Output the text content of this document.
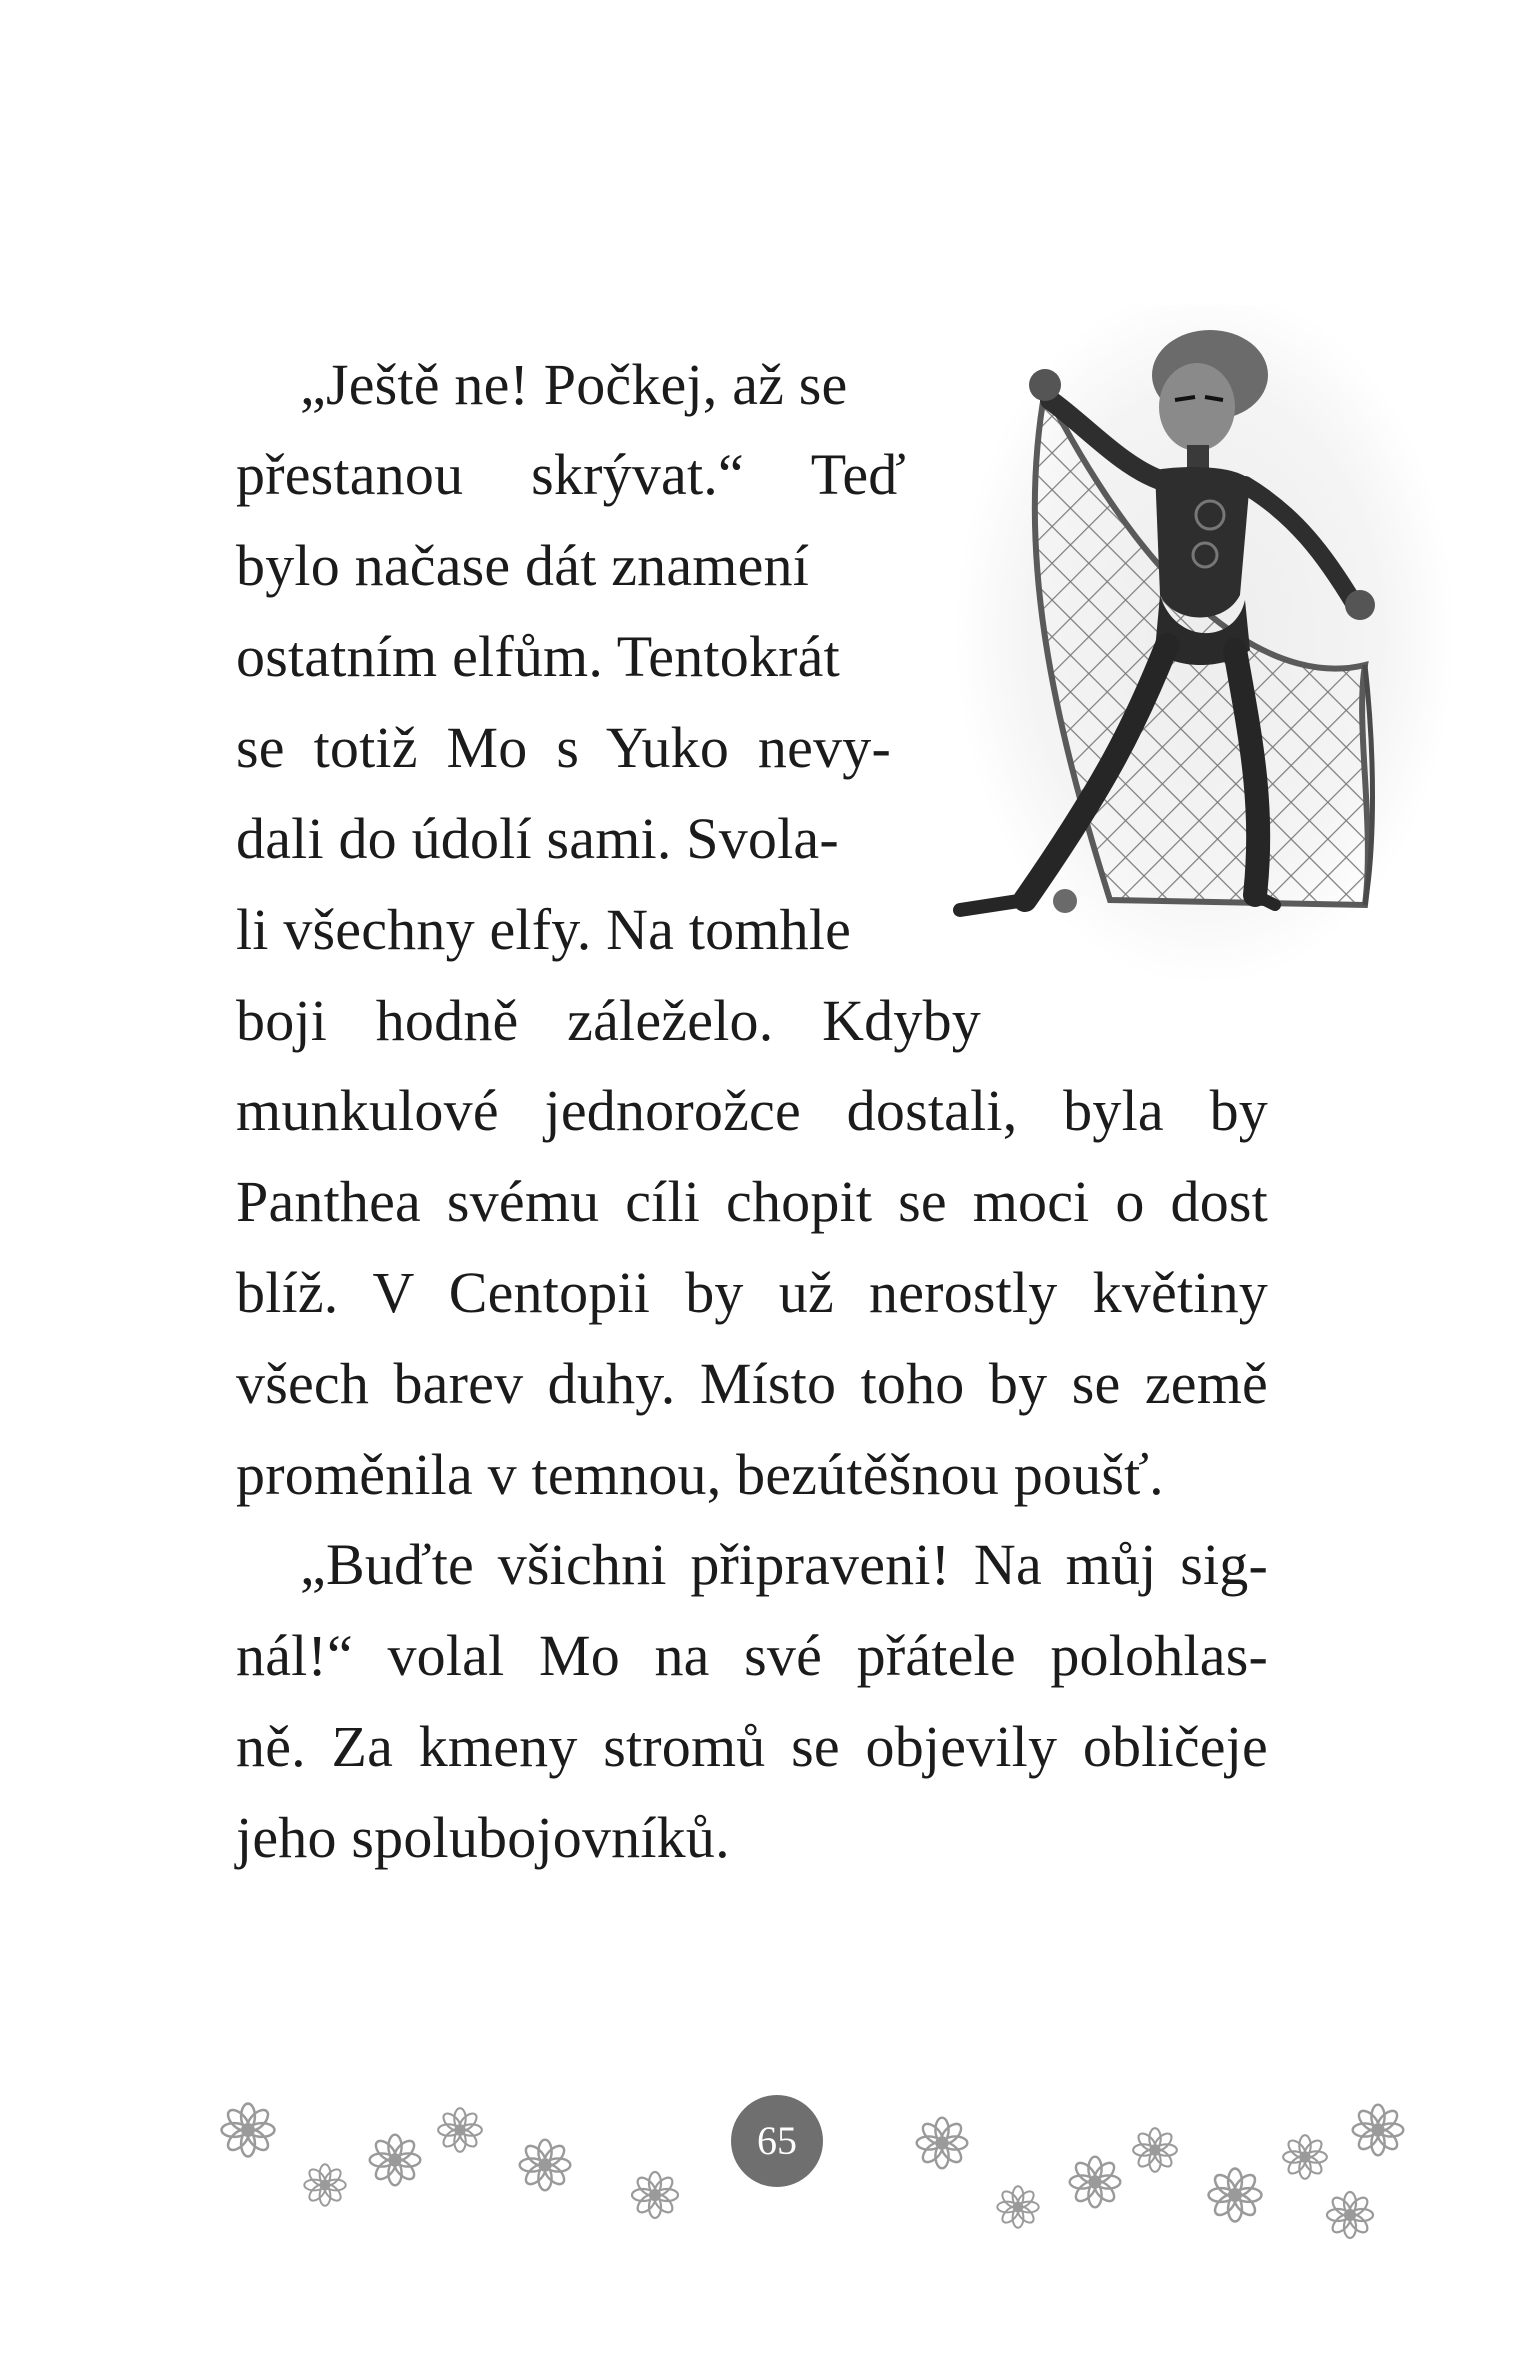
„Ještě ne! Počkej, až se
přestanou skrývat.“ Teď
bylo načase dát znamení
ostatním elfům. Tentokrát
se totiž Mo s Yuko nevy-
dali do údolí sami. Svola-
li všechny elfy. Na tomhle
boji hodně záleželo. Kdyby
munkulové jednorožce dostali, byla by
Panthea svému cíli chopit se moci o dost
blíž. V Centopii by už nerostly květiny
všech barev duhy. Místo toho by se země
proměnila v temnou, bezútěšnou poušť.
„Buďte všichni připraveni! Na můj sig-
nál!“ volal Mo na své přátele polohlas-
ně. Za kmeny stromů se objevily obličeje
jeho spolubojovníků.
65
